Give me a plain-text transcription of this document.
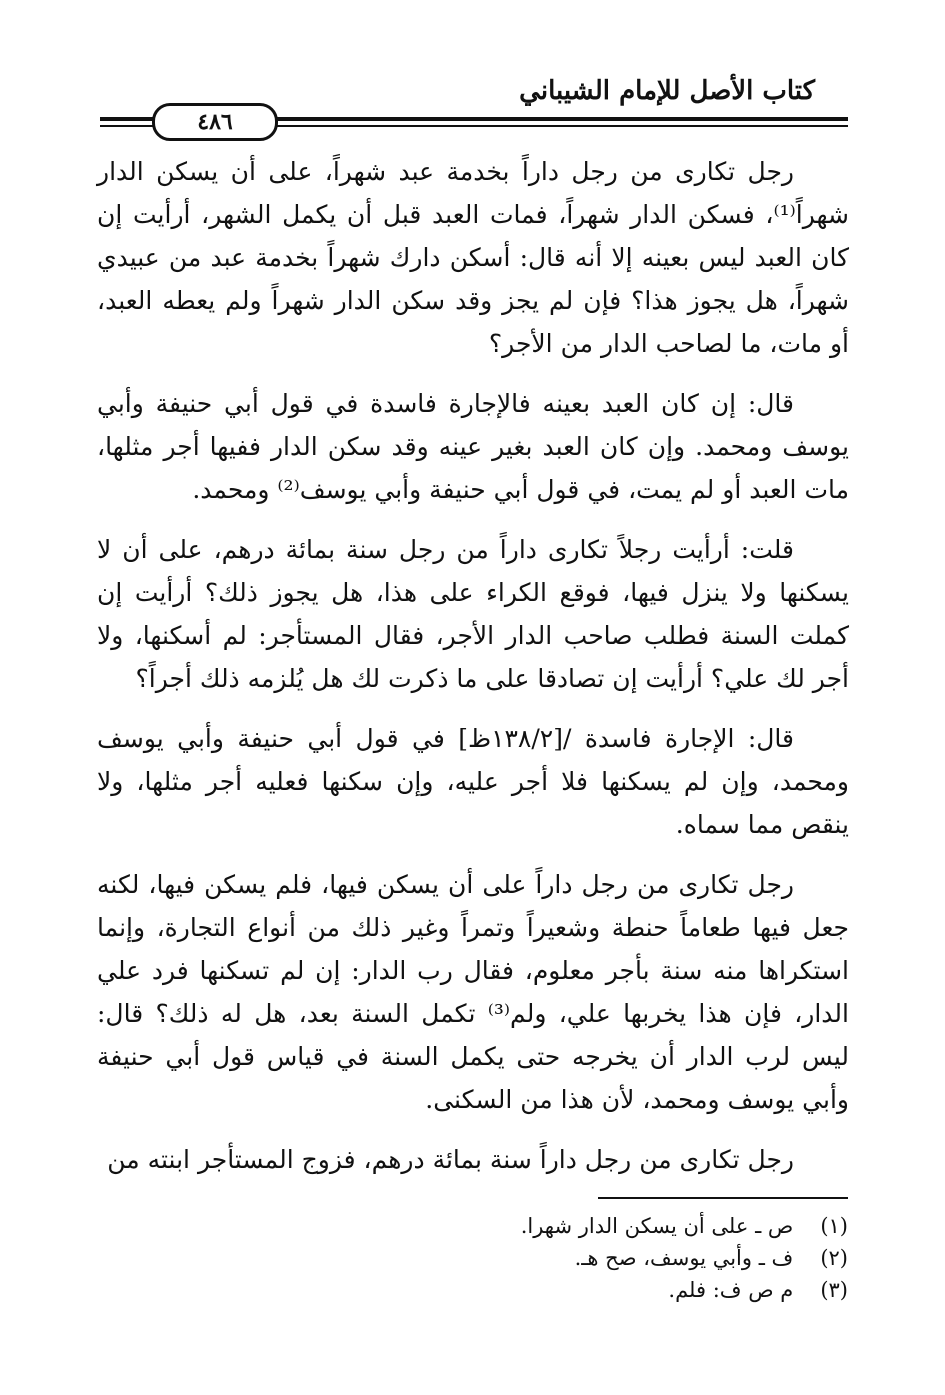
كتاب الأصل للإمام الشيباني
٤٨٦

رجل تكارى من رجل داراً بخدمة عبد شهراً، على أن يسكن الدار شهراً⁽¹⁾، فسكن الدار شهراً، فمات العبد قبل أن يكمل الشهر، أرأيت إن كان العبد ليس بعينه إلا أنه قال: أسكن دارك شهراً بخدمة عبد من عبيدي شهراً، هل يجوز هذا؟ فإن لم يجز وقد سكن الدار شهراً ولم يعطه العبد، أو مات، ما لصاحب الدار من الأجر؟

قال: إن كان العبد بعينه فالإجارة فاسدة في قول أبي حنيفة وأبي يوسف ومحمد. وإن كان العبد بغير عينه وقد سكن الدار ففيها أجر مثلها، مات العبد أو لم يمت، في قول أبي حنيفة وأبي يوسف⁽²⁾ ومحمد.

قلت: أرأيت رجلاً تكارى داراً من رجل سنة بمائة درهم، على أن لا يسكنها ولا ينزل فيها، فوقع الكراء على هذا، هل يجوز ذلك؟ أرأيت إن كملت السنة فطلب صاحب الدار الأجر، فقال المستأجر: لم أسكنها، ولا أجر لك علي؟ أرأيت إن تصادقا على ما ذكرت لك هل يُلزمه ذلك أجراً؟

قال: الإجارة فاسدة /[١٣٨/٢ظ] في قول أبي حنيفة وأبي يوسف ومحمد، وإن لم يسكنها فلا أجر عليه، وإن سكنها فعليه أجر مثلها، ولا ينقص مما سماه.

رجل تكارى من رجل داراً على أن يسكن فيها، فلم يسكن فيها، لكنه جعل فيها طعاماً حنطة وشعيراً وتمراً وغير ذلك من أنواع التجارة، وإنما استكراها منه سنة بأجر معلوم، فقال رب الدار: إن لم تسكنها فرد علي الدار، فإن هذا يخربها علي، ولم⁽³⁾ تكمل السنة بعد، هل له ذلك؟ قال: ليس لرب الدار أن يخرجه حتى يكمل السنة في قياس قول أبي حنيفة وأبي يوسف ومحمد، لأن هذا من السكنى.

رجل تكارى من رجل داراً سنة بمائة درهم، فزوج المستأجر ابنته من

(١) ص ـ على أن يسكن الدار شهرا.
(٢) ف ـ وأبي يوسف، صح هـ.
(٣) م ص ف: فلم.
